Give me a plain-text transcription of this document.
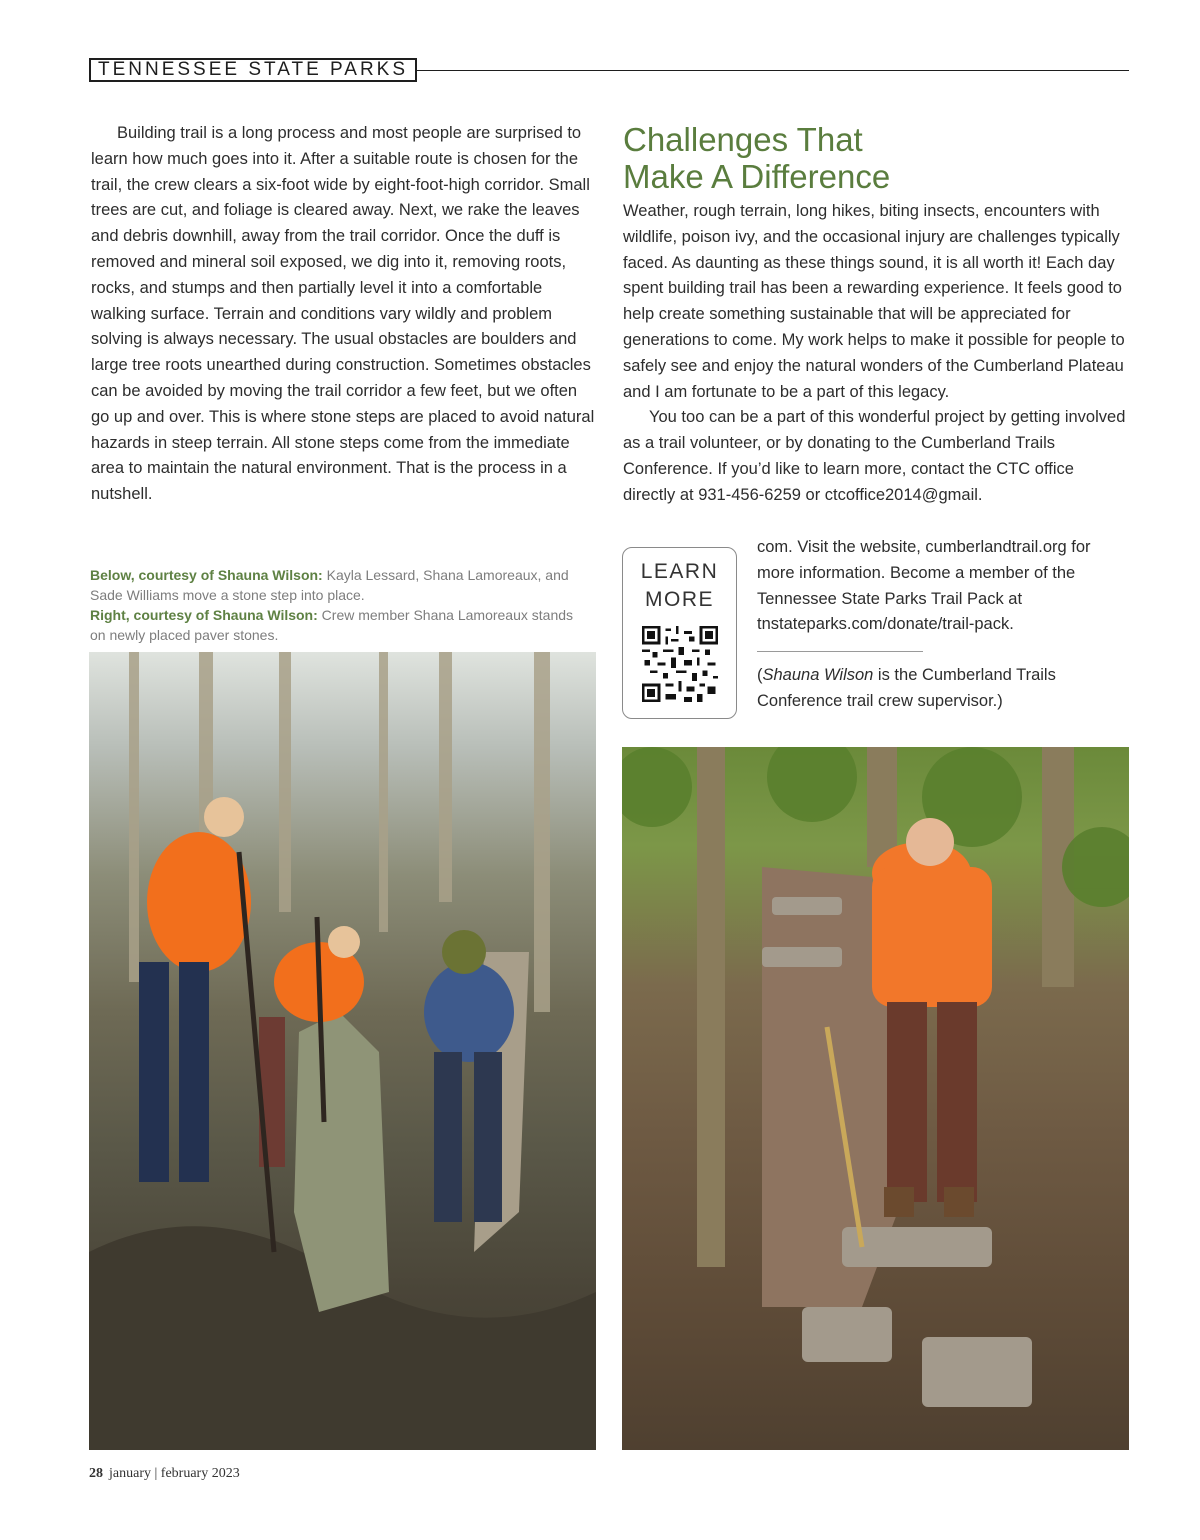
TENNESSEE STATE PARKS

Building trail is a long process and most people are surprised to learn how much goes into it. After a suitable route is chosen for the trail, the crew clears a six-foot wide by eight-foot-high corridor. Small trees are cut, and foliage is cleared away. Next, we rake the leaves and debris downhill, away from the trail corridor. Once the duff is removed and mineral soil exposed, we dig into it, removing roots, rocks, and stumps and then partially level it into a comfortable walking surface. Terrain and conditions vary wildly and problem solving is always necessary. The usual obstacles are boulders and large tree roots unearthed during construction. Sometimes obstacles can be avoided by moving the trail corridor a few feet, but we often go up and over. This is where stone steps are placed to avoid natural hazards in steep terrain. All stone steps come from the immediate area to maintain the natural environment. That is the process in a nutshell.

Below, courtesy of Shauna Wilson: Kayla Lessard, Shana Lamoreaux, and Sade Williams move a stone step into place.

Right, courtesy of Shauna Wilson: Crew member Shana Lamoreaux stands on newly placed paver stones.

Challenges That
Make A Difference

Weather, rough terrain, long hikes, biting insects, encounters with wildlife, poison ivy, and the occasional injury are challenges typically faced. As daunting as these things sound, it is all worth it! Each day spent building trail has been a rewarding experience. It feels good to help create something sustainable that will be appreciated for generations to come. My work helps to make it possible for people to safely see and enjoy the natural wonders of the Cumberland Plateau and I am fortunate to be a part of this legacy.

You too can be a part of this wonderful project by getting involved as a trail volunteer, or by donating to the Cumberland Trails Conference. If you’d like to learn more, contact the CTC office directly at 931-456-6259 or ctcoffice2014@gmail.

LEARN
MORE

com. Visit the website, cumberlandtrail.org for more information. Become a member of the Tennessee State Parks Trail Pack at tnstateparks.com/donate/trail-pack.

(Shauna Wilson is the Cumberland Trails Conference trail crew supervisor.)

28 january | february 2023
